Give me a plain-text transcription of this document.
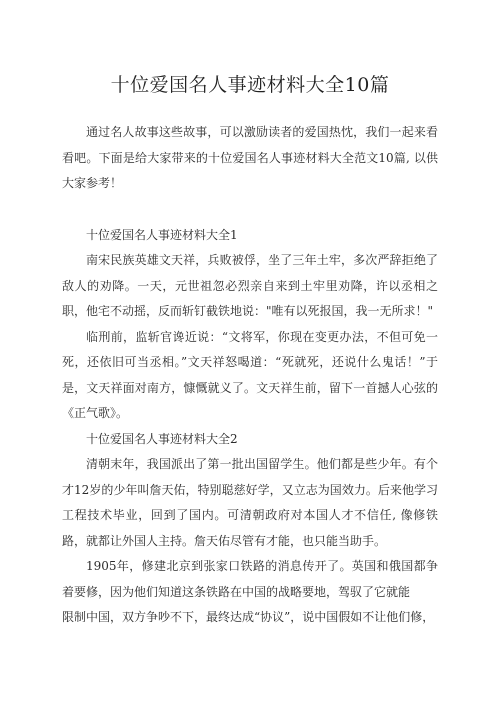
十位爱国名人事迹材料大全10篇

通过名人故事这些故事，可以激励读者的爱国热忱，我们一起来看看吧。下面是给大家带来的十位爱国名人事迹材料大全范文10篇, 以供大家参考！

十位爱国名人事迹材料大全1

南宋民族英雄文天祥，兵败被俘，坐了三年土牢，多次严辞拒绝了敌人的劝降。一天，元世祖忽必烈亲自来到土牢里劝降，许以丞相之职，他宅不动摇，反而斩钉截铁地说："唯有以死报国，我一无所求！"

临刑前，监斩官谗近说：“文将军，你现在变更办法，不但可免一死，还依旧可当丞相。”文天祥怒喝道：“死就死，还说什么鬼话！”于是，文天祥面对南方，慷慨就义了。文天祥生前，留下一首撼人心弦的《正气歌》。

十位爱国名人事迹材料大全2

清朝末年，我国派出了第一批出国留学生。他们都是些少年。有个才12岁的少年叫詹天佑，特别聪慈好学，又立志为国效力。后来他学习工程技术毕业，回到了国内。可清朝政府对本国人才不信任, 像修铁路，就都让外国人主持。詹天佑尽管有才能，也只能当助手。

1905年，修建北京到张家口铁路的消息传开了。英国和俄国都争着要修，因为他们知道这条铁路在中国的战略要地，驾驭了它就能

限制中国，双方争吵不下，最终达成“协议”，说中国假如不让他们修，
